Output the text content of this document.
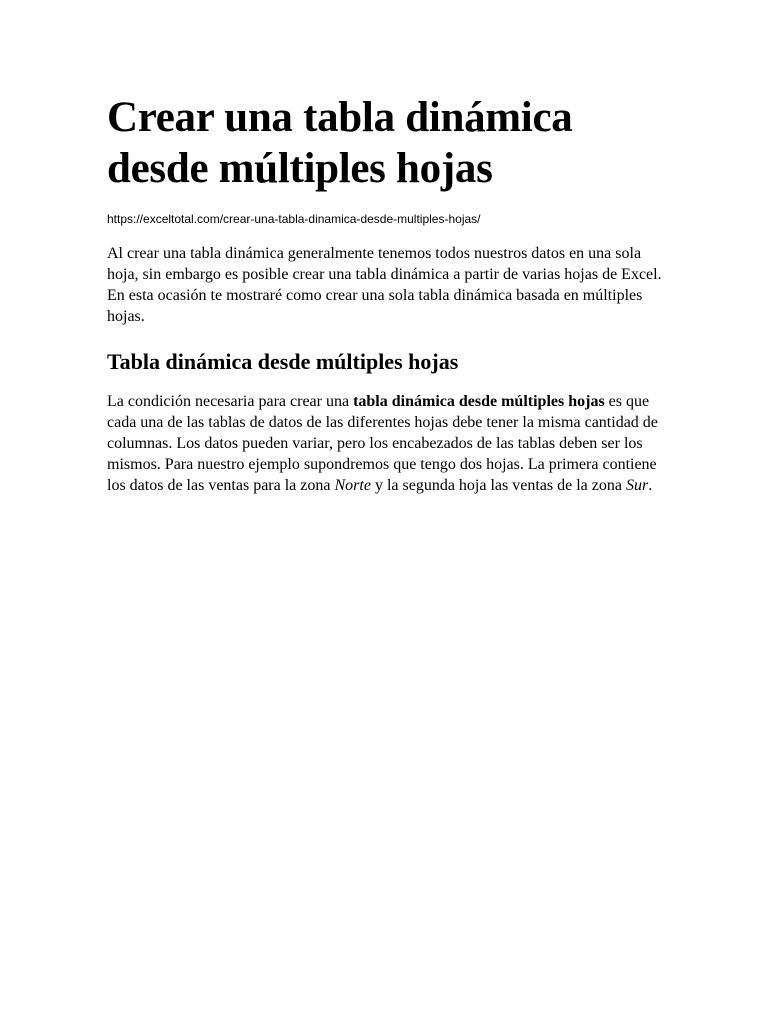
Crear una tabla dinámica desde múltiples hojas
https://exceltotal.com/crear-una-tabla-dinamica-desde-multiples-hojas/

Al crear una tabla dinámica generalmente tenemos todos nuestros datos en una sola hoja, sin embargo es posible crear una tabla dinámica a partir de varias hojas de Excel. En esta ocasión te mostraré como crear una sola tabla dinámica basada en múltiples hojas.

Tabla dinámica desde múltiples hojas

La condición necesaria para crear una tabla dinámica desde múltiples hojas es que cada una de las tablas de datos de las diferentes hojas debe tener la misma cantidad de columnas. Los datos pueden variar, pero los encabezados de las tablas deben ser los mismos. Para nuestro ejemplo supondremos que tengo dos hojas. La primera contiene los datos de las ventas para la zona Norte y la segunda hoja las ventas de la zona Sur.
